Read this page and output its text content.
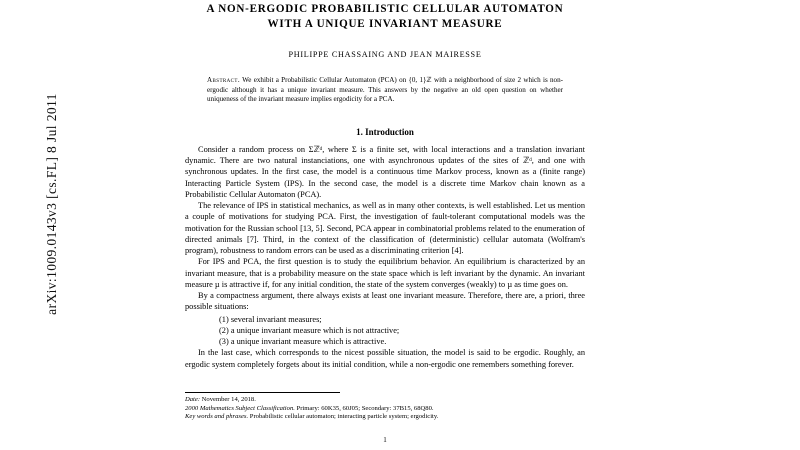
arXiv:1009.0143v3 [cs.FL] 8 Jul 2011
A NON-ERGODIC PROBABILISTIC CELLULAR AUTOMATON
WITH A UNIQUE INVARIANT MEASURE
PHILIPPE CHASSAING AND JEAN MAIRESSE
Abstract. We exhibit a Probabilistic Cellular Automaton (PCA) on {0, 1}ℤ with a neighborhood of size 2 which is non-ergodic although it has a unique invariant measure. This answers by the negative an old open question on whether uniqueness of the invariant measure implies ergodicity for a PCA.
1. Introduction

Consider a random process on Σℤᵈ, where Σ is a finite set, with local interactions and a translation invariant dynamic. There are two natural instanciations, one with asynchronous updates of the sites of ℤᵈ, and one with synchronous updates. In the first case, the model is a continuous time Markov process, known as a (finite range) Interacting Particle System (IPS). In the second case, the model is a discrete time Markov chain known as a Probabilistic Cellular Automaton (PCA).

The relevance of IPS in statistical mechanics, as well as in many other contexts, is well established. Let us mention a couple of motivations for studying PCA. First, the investigation of fault-tolerant computational models was the motivation for the Russian school [13, 5]. Second, PCA appear in combinatorial problems related to the enumeration of directed animals [7]. Third, in the context of the classification of (deterministic) cellular automata (Wolfram's program), robustness to random errors can be used as a discriminating criterion [4].

For IPS and PCA, the first question is to study the equilibrium behavior. An equilibrium is characterized by an invariant measure, that is a probability measure on the state space which is left invariant by the dynamic. An invariant measure µ is attractive if, for any initial condition, the state of the system converges (weakly) to µ as time goes on.

By a compactness argument, there always exists at least one invariant measure. Therefore, there are, a priori, three possible situations:

(1) several invariant measures;
(2) a unique invariant measure which is not attractive;
(3) a unique invariant measure which is attractive.

In the last case, which corresponds to the nicest possible situation, the model is said to be ergodic. Roughly, an ergodic system completely forgets about its initial condition, while a non-ergodic one remembers something forever.

Date: November 14, 2018.
2000 Mathematics Subject Classification. Primary: 60K35, 60J05; Secondary: 37B15, 68Q80.
Key words and phrases. Probabilistic cellular automaton; interacting particle system; ergodicity.
1
